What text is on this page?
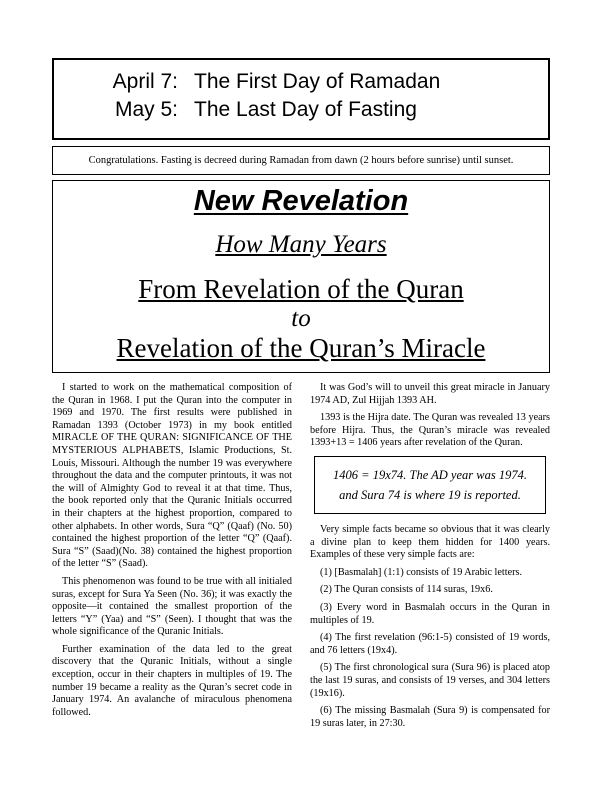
April 7: The First Day of Ramadan
May 5: The Last Day of Fasting
Congratulations. Fasting is decreed during Ramadan from dawn (2 hours before sunrise) until sunset.
New Revelation
How Many Years
From Revelation of the Quran
to
Revelation of the Quran’s Miracle

I started to work on the mathematical composition of the Quran in 1968. I put the Quran into the computer in 1969 and 1970. The first results were published in Ramadan 1393 (October 1973) in my book entitled MIRACLE OF THE QURAN: SIGNIFICANCE OF THE MYSTERIOUS ALPHABETS, Islamic Productions, St. Louis, Missouri. Although the number 19 was everywhere throughout the data and the computer printouts, it was not the will of Almighty God to reveal it at that time. Thus, the book reported only that the Quranic Initials occurred in their chapters at the highest proportion, compared to other alphabets. In other words, Sura “Q” (Qaaf) (No. 50) contained the highest proportion of the letter “Q” (Qaaf). Sura “S” (Saad)(No. 38) contained the highest proportion of the letter “S” (Saad).

This phenomenon was found to be true with all initialed suras, except for Sura Ya Seen (No. 36); it was exactly the opposite—it contained the smallest proportion of the letters “Y” (Yaa) and “S” (Seen). I thought that was the whole significance of the Quranic Initials.

Further examination of the data led to the great discovery that the Quranic Initials, without a single exception, occur in their chapters in multiples of 19. The number 19 became a reality as the Quran’s secret code in January 1974. An avalanche of miraculous phenomena followed.

It was God’s will to unveil this great miracle in January 1974 AD, Zul Hijjah 1393 AH.

1393 is the Hijra date. The Quran was revealed 13 years before Hijra. Thus, the Quran’s miracle was revealed 1393+13 = 1406 years after revelation of the Quran.

1406 = 19x74. The AD year was 1974.
and Sura 74 is where 19 is reported.

Very simple facts became so obvious that it was clearly a divine plan to keep them hidden for 1400 years. Examples of these very simple facts are:

(1) [Basmalah] (1:1) consists of 19 Arabic letters.

(2) The Quran consists of 114 suras, 19x6.

(3) Every word in Basmalah occurs in the Quran in multiples of 19.

(4) The first revelation (96:1-5) consisted of 19 words, and 76 letters (19x4).

(5) The first chronological sura (Sura 96) is placed atop the last 19 suras, and consists of 19 verses, and 304 letters (19x16).

(6) The missing Basmalah (Sura 9) is compensated for 19 suras later, in 27:30.
